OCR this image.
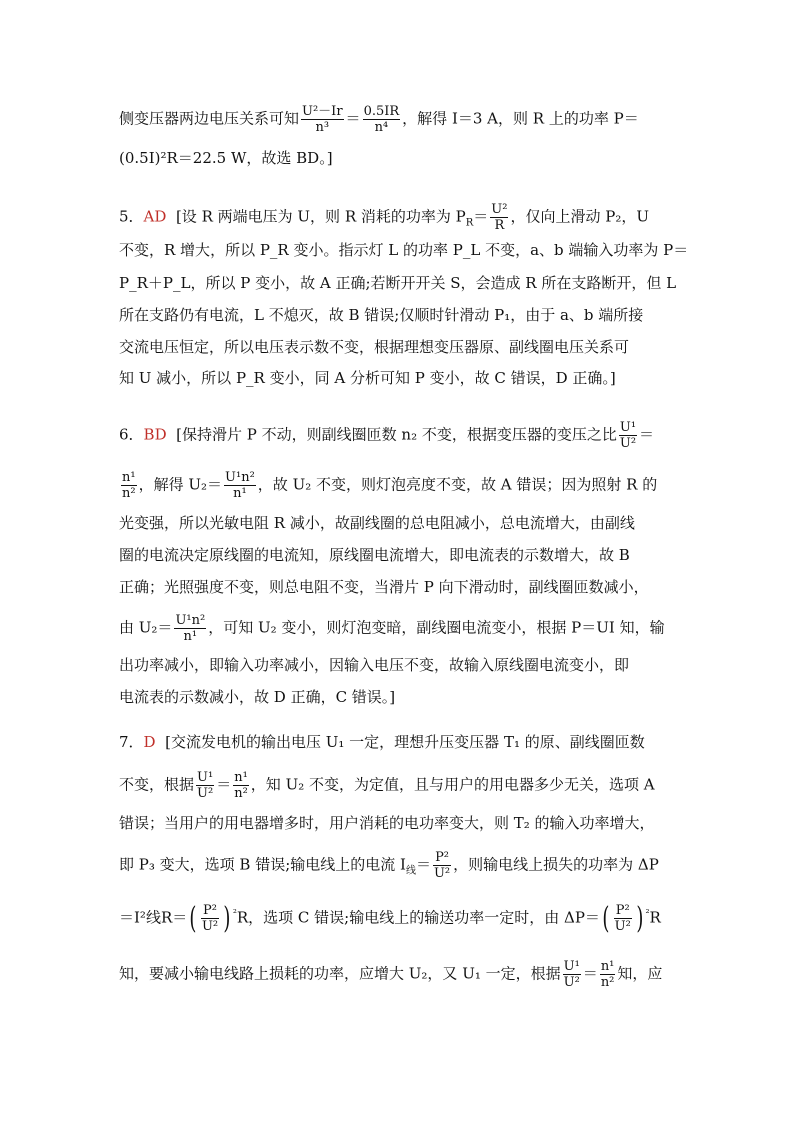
侧变压器两边电压关系可知 $\frac{\text{U²－Ir}}{\text{n³}} = \frac{0.5IR}{\text{n⁴}}$ ，解得 I＝3 A，则 R 上的功率 P＝
(0.5I)²R＝22.5 W，故选 BD。]
5．AD [设 R 两端电压为 U，则 R 消耗的功率为 $P_R= \frac{\text{U²}}{R}$ ，仅向上滑动 P₂，U
不变，R 增大，所以 P_R 变小。指示灯 L 的功率 P_L 不变，a、b 端输入功率为 P＝
P_R＋P_L，所以 P 变小，故 A 正确;若断开开关 S，会造成 R 所在支路断开，但 L
所在支路仍有电流，L 不熄灭，故 B 错误;仅顺时针滑动 P₁，由于 a、b 端所接
交流电压恒定，所以电压表示数不变，根据理想变压器原、副线圈电压关系可
知 U 减小，所以 P_R 变小，同 A 分析可知 P 变小，故 C 错误，D 正确。]
6．BD [保持滑片 P 不动，则副线圈匝数 n₂ 不变，根据变压器的变压之比 $\frac{\text{U¹}}{\text{U²}}$ ＝
$\frac{\text{n¹}}{\text{n²}}$ ，解得 $U_2= \frac{\text{U¹n²}}{\text{n¹}}$ ，故 U₂ 不变，则灯泡亮度不变，故 A 错误；因为照射 R 的
光变强，所以光敏电阻 R 减小，故副线圈的总电阻减小，总电流增大，由副线
圈的电流决定原线圈的电流知，原线圈电流增大，即电流表的示数增大，故 B
正确；光照强度不变，则总电阻不变，当滑片 P 向下滑动时，副线圈匝数减小，
由 $U_2= \frac{\text{U¹n²}}{\text{n¹}}$ ，可知 U₂ 变小，则灯泡变暗，副线圈电流变小，根据 P＝UI 知，输
出功率减小，即输入功率减小，因输入电压不变，故输入原线圈电流变小，即
电流表的示数减小，故 D 正确，C 错误。]
7．D [交流发电机的输出电压 U₁ 一定，理想升压变压器 T₁ 的原、副线圈匝数
不变，根据 $\frac{\text{U¹}}{\text{U²}} = \frac{\text{n¹}}{\text{n²}}$ ，知 U₂ 不变，为定值，且与用户的用电器多少无关，选项 A
错误；当用户的用电器增多时，用户消耗的电功率变大，则 T₂ 的输入功率增大，
即 P₃ 变大，选项 B 错误;输电线上的电流 $I_线= \frac{\text{P²}}{\text{U²}}$ ，则输电线上损失的功率为 ΔP
＝I²线$R=( \frac{\text{P²}}{\text{U²}}$ ) $^{^2}$R，选项 C 错误;输电线上的输送功率一定时，由 $\Delta P=( \frac{\text{P²}}{\text{U²}}$ ) $^{^2}$R
知，要减小输电线路上损耗的功率，应增大 U₂，又 U₁ 一定，根据 $\frac{\text{U¹}}{\text{U²}} = \frac{\text{n¹}}{\text{n²}}$ 知，应
